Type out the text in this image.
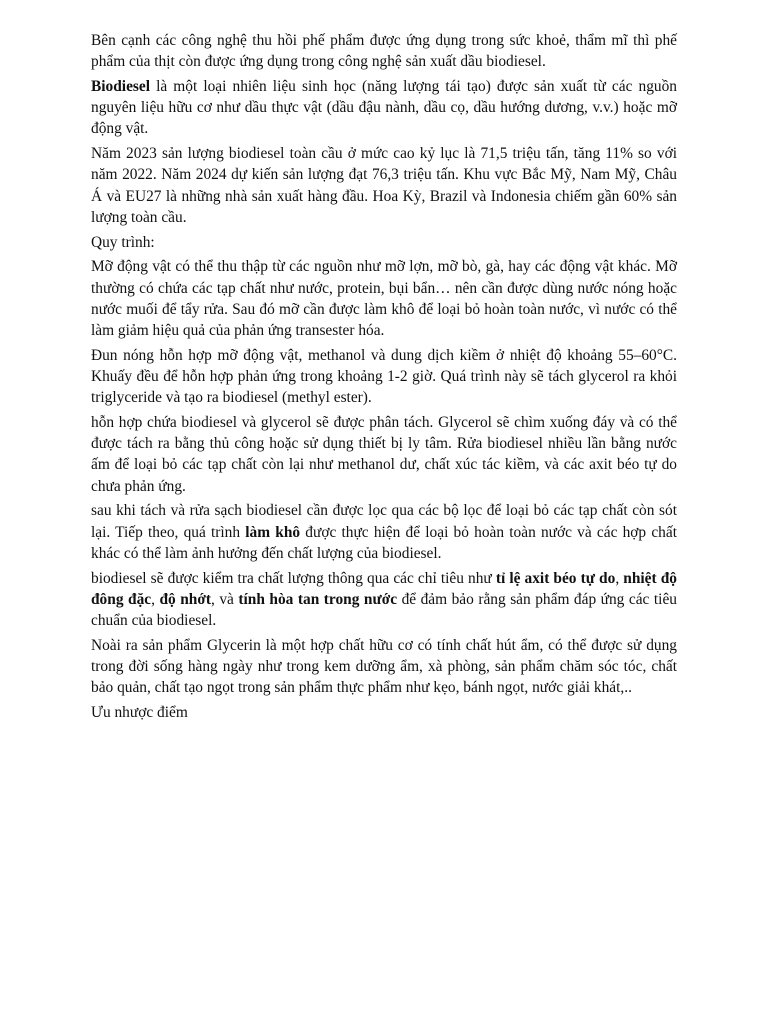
Bên cạnh các công nghệ thu hồi phế phẩm được ứng dụng trong sức khoẻ, thẩm mĩ thì phế phẩm của thịt còn được ứng dụng trong công nghệ sản xuất dầu biodiesel.

Biodiesel là một loại nhiên liệu sinh học (năng lượng tái tạo) được sản xuất từ các nguồn nguyên liệu hữu cơ như dầu thực vật (dầu đậu nành, dầu cọ, dầu hướng dương, v.v.) hoặc mỡ động vật.

Năm 2023 sản lượng biodiesel toàn cầu ở mức cao kỷ lục là 71,5 triệu tấn, tăng 11% so với năm 2022. Năm 2024 dự kiến sản lượng đạt 76,3 triệu tấn. Khu vực Bắc Mỹ, Nam Mỹ, Châu Á và EU27 là những nhà sản xuất hàng đầu. Hoa Kỳ, Brazil và Indonesia chiếm gần 60% sản lượng toàn cầu.

Quy trình:

Mỡ động vật có thể thu thập từ các nguồn như mỡ lợn, mỡ bò, gà, hay các động vật khác. Mỡ thường có chứa các tạp chất như nước, protein, bụi bẩn… nên cần được dùng nước nóng hoặc nước muối để tẩy rửa. Sau đó mỡ cần được làm khô để loại bỏ hoàn toàn nước, vì nước có thể làm giảm hiệu quả của phản ứng transester hóa.

Đun nóng hỗn hợp mỡ động vật, methanol và dung dịch kiềm ở nhiệt độ khoảng 55–60°C. Khuấy đều để hỗn hợp phản ứng trong khoảng 1-2 giờ. Quá trình này sẽ tách glycerol ra khỏi triglyceride và tạo ra biodiesel (methyl ester).

hỗn hợp chứa biodiesel và glycerol sẽ được phân tách. Glycerol sẽ chìm xuống đáy và có thể được tách ra bằng thủ công hoặc sử dụng thiết bị ly tâm. Rửa biodiesel nhiều lần bằng nước ấm để loại bỏ các tạp chất còn lại như methanol dư, chất xúc tác kiềm, và các axit béo tự do chưa phản ứng.

sau khi tách và rửa sạch biodiesel cần được lọc qua các bộ lọc để loại bỏ các tạp chất còn sót lại. Tiếp theo, quá trình làm khô được thực hiện để loại bỏ hoàn toàn nước và các hợp chất khác có thể làm ảnh hưởng đến chất lượng của biodiesel.

biodiesel sẽ được kiểm tra chất lượng thông qua các chỉ tiêu như tỉ lệ axit béo tự do, nhiệt độ đông đặc, độ nhớt, và tính hòa tan trong nước để đảm bảo rằng sản phẩm đáp ứng các tiêu chuẩn của biodiesel.

Noài ra sản phẩm Glycerin là một hợp chất hữu cơ có tính chất hút ẩm, có thể được sử dụng trong đời sống hàng ngày như trong kem dưỡng ẩm, xà phòng, sản phẩm chăm sóc tóc, chất bảo quản, chất tạo ngọt trong sản phẩm thực phẩm như kẹo, bánh ngọt, nước giải khát,..

Ưu nhược điểm
